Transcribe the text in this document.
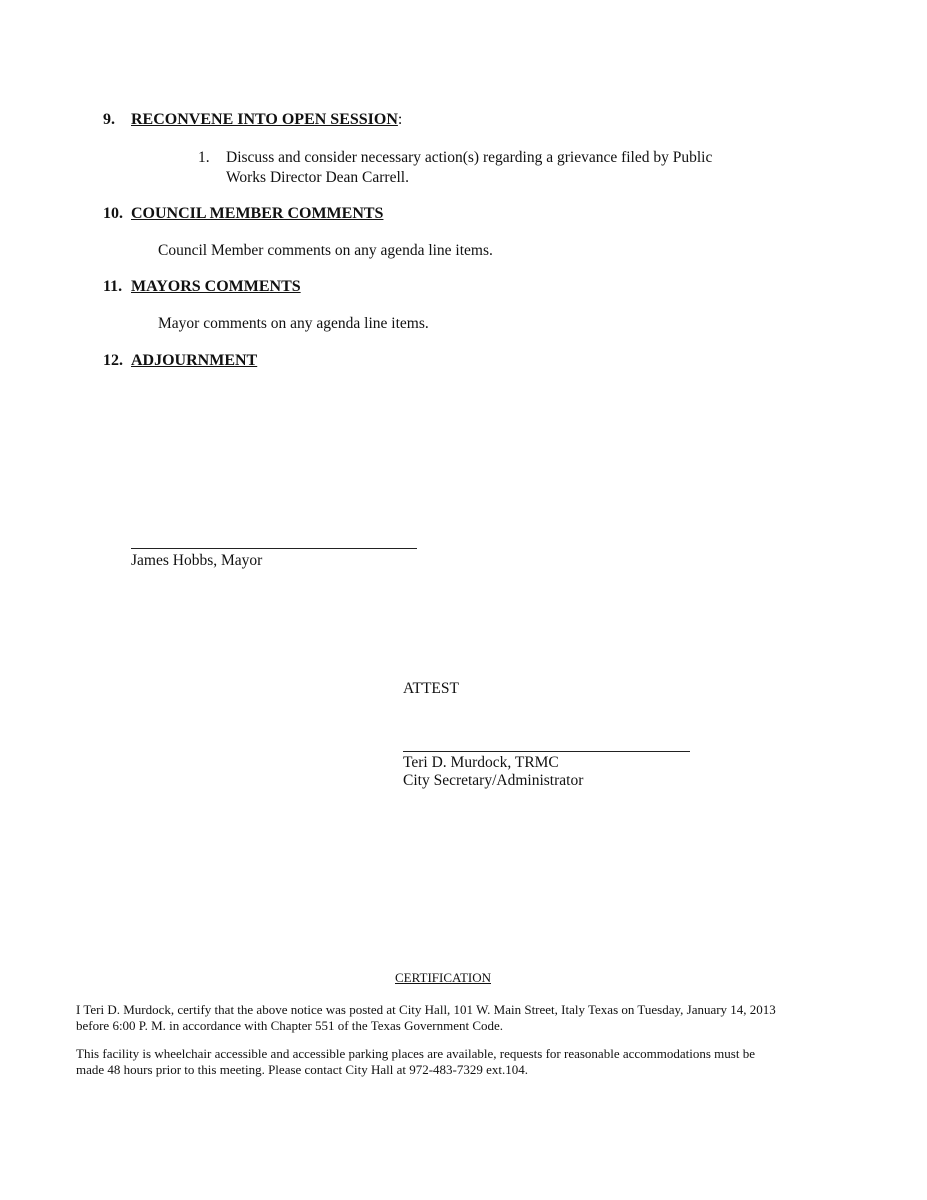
9. RECONVENE INTO OPEN SESSION:
1. Discuss and consider necessary action(s) regarding a grievance filed by Public
Works Director Dean Carrell.
10. COUNCIL MEMBER COMMENTS
Council Member comments on any agenda line items.
11. MAYORS COMMENTS
Mayor comments on any agenda line items.
12. ADJOURNMENT
James Hobbs, Mayor
ATTEST
Teri D. Murdock, TRMC
City Secretary/Administrator
CERTIFICATION
I Teri D. Murdock, certify that the above notice was posted at City Hall, 101 W. Main Street, Italy Texas on Tuesday, January 14, 2013
before 6:00 P. M. in accordance with Chapter 551 of the Texas Government Code.
This facility is wheelchair accessible and accessible parking places are available, requests for reasonable accommodations must be
made 48 hours prior to this meeting. Please contact City Hall at 972-483-7329 ext.104.
